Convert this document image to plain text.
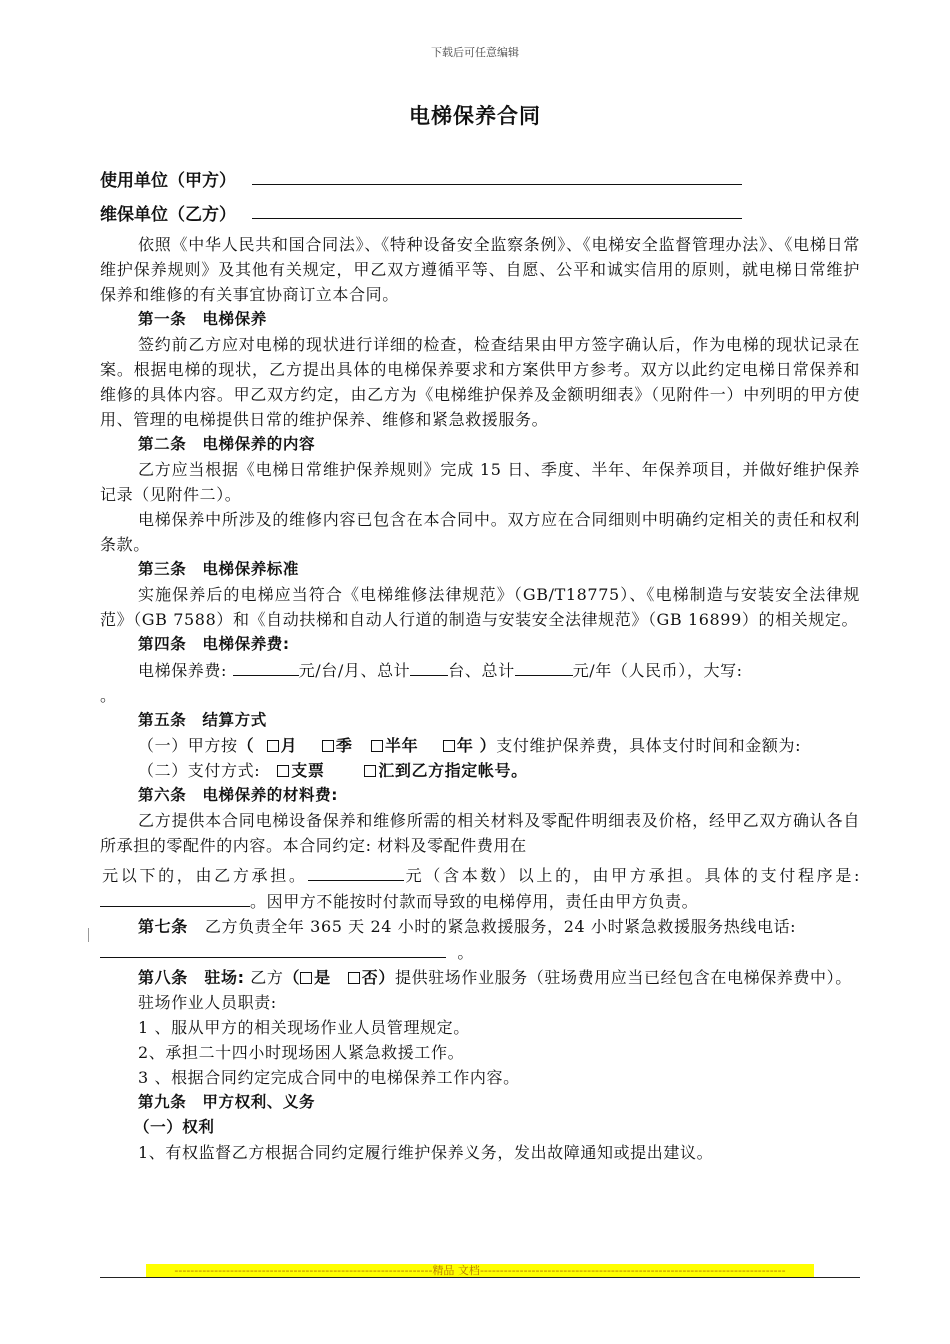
下载后可任意编辑
电梯保养合同
使用单位（甲方）
维保单位（乙方）

依照《中华人民共和国合同法》、《特种设备安全监察条例》、《电梯安全监督管理办法》、《电梯日常维护保养规则》及其他有关规定，甲乙双方遵循平等、自愿、公平和诚实信用的原则，就电梯日常维护保养和维修的有关事宜协商订立本合同。

第一条　电梯保养

签约前乙方应对电梯的现状进行详细的检查，检查结果由甲方签字确认后，作为电梯的现状记录在案。根据电梯的现状，乙方提出具体的电梯保养要求和方案供甲方参考。双方以此约定电梯日常保养和维修的具体内容。甲乙双方约定，由乙方为《电梯维护保养及金额明细表》（见附件一）中列明的甲方使用、管理的电梯提供日常的维护保养、维修和紧急救援服务。

第二条　电梯保养的内容

乙方应当根据《电梯日常维护保养规则》完成 15 日、季度、半年、年保养项目，并做好维护保养记录（见附件二）。

电梯保养中所涉及的维修内容已包含在本合同中。双方应在合同细则中明确约定相关的责任和权利条款。

第三条　电梯保养标准

实施保养后的电梯应当符合《电梯维修法律规范》（GB/T18775）、《电梯制造与安装安全法律规范》（GB 7588）和《自动扶梯和自动人行道的制造与安装安全法律规范》（GB 16899）的相关规定。

第四条　电梯保养费:

电梯保养费:	元/台/月、总计 台、总计	元/年（人民币），大写:

。

第五条　结算方式

（一）甲方按（  月 季 半年 年 ）支付维护保养费，具体支付时间和金额为:

（二）支付方式: 支票	汇到乙方指定帐号。

第六条　电梯保养的材料费:

乙方提供本合同电梯设备保养和维修所需的相关材料及零配件明细表及价格，经甲乙双方确认各自所承担的零配件的内容。本合同约定: 材料及零配件费用在

元以下的，由乙方承担。	元（含本数）以上的，由甲方承担。具体的支付程序是:。因甲方不能按时付款而导致的电梯停用，责任由甲方负责。

第七条 乙方负责全年 365 天 24 小时的紧急救援服务，24 小时紧急救援服务热线电话:

。

第八条　驻场: 乙方（ 是 否）提供驻场作业服务（驻场费用应当已经包含在电梯保养费中）。

驻场作业人员职责:

1 、服从甲方的相关现场作业人员管理规定。

2、承担二十四小时现场困人紧急救援工作。

3 、根据合同约定完成合同中的电梯保养工作内容。

第九条　甲方权利、义务

（一）权利

1、有权监督乙方根据合同约定履行维护保养义务，发出故障通知或提出建议。

-----------------------------------------------------------------精品 文档-----------------------------------------------------------------------------
